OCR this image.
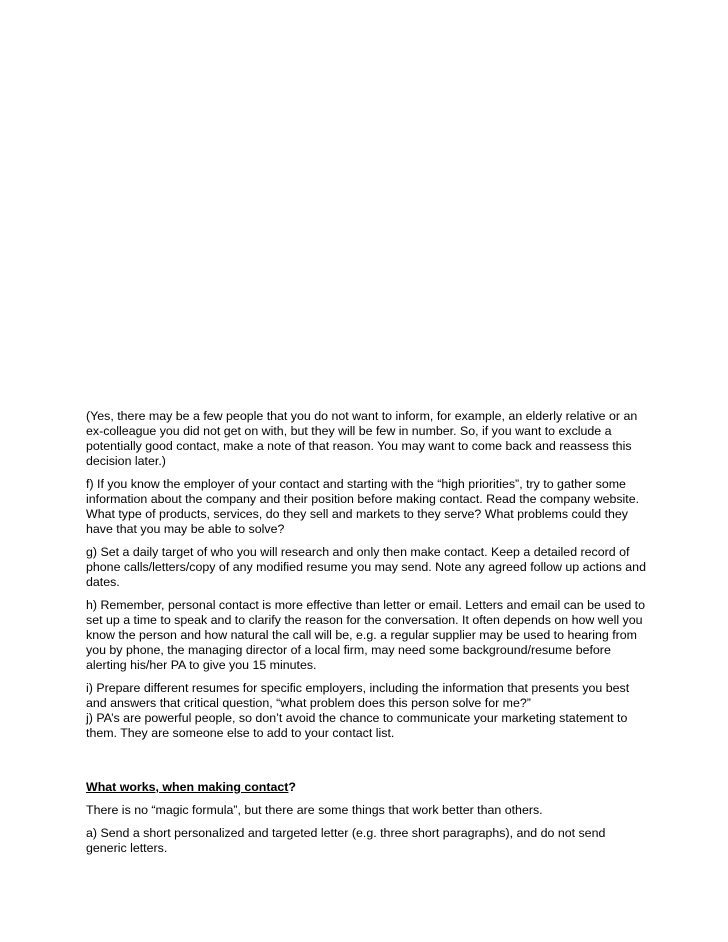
(Yes, there may be a few people that you do not want to inform, for example, an elderly relative or an ex-colleague you did not get on with, but they will be few in number. So, if you want to exclude a potentially good contact, make a note of that reason. You may want to come back and reassess this decision later.)

f) If you know the employer of your contact and starting with the “high priorities”, try to gather some information about the company and their position before making contact. Read the company website. What type of products, services, do they sell and markets to they serve? What problems could they have that you may be able to solve?

g) Set a daily target of who you will research and only then make contact. Keep a detailed record of phone calls/letters/copy of any modified resume you may send. Note any agreed follow up actions and dates.

h) Remember, personal contact is more effective than letter or email. Letters and email can be used to set up a time to speak and to clarify the reason for the conversation. It often depends on how well you know the person and how natural the call will be, e.g. a regular supplier may be used to hearing from you by phone, the managing director of a local firm, may need some background/resume before alerting his/her PA to give you 15 minutes.

i) Prepare different resumes for specific employers, including the information that presents you best and answers that critical question, “what problem does this person solve for me?”

j) PA’s are powerful people, so don’t avoid the chance to communicate your marketing statement to them. They are someone else to add to your contact list.

What works, when making contact?

There is no “magic formula”, but there are some things that work better than others.

a) Send a short personalized and targeted letter (e.g. three short paragraphs), and do not send generic letters.
